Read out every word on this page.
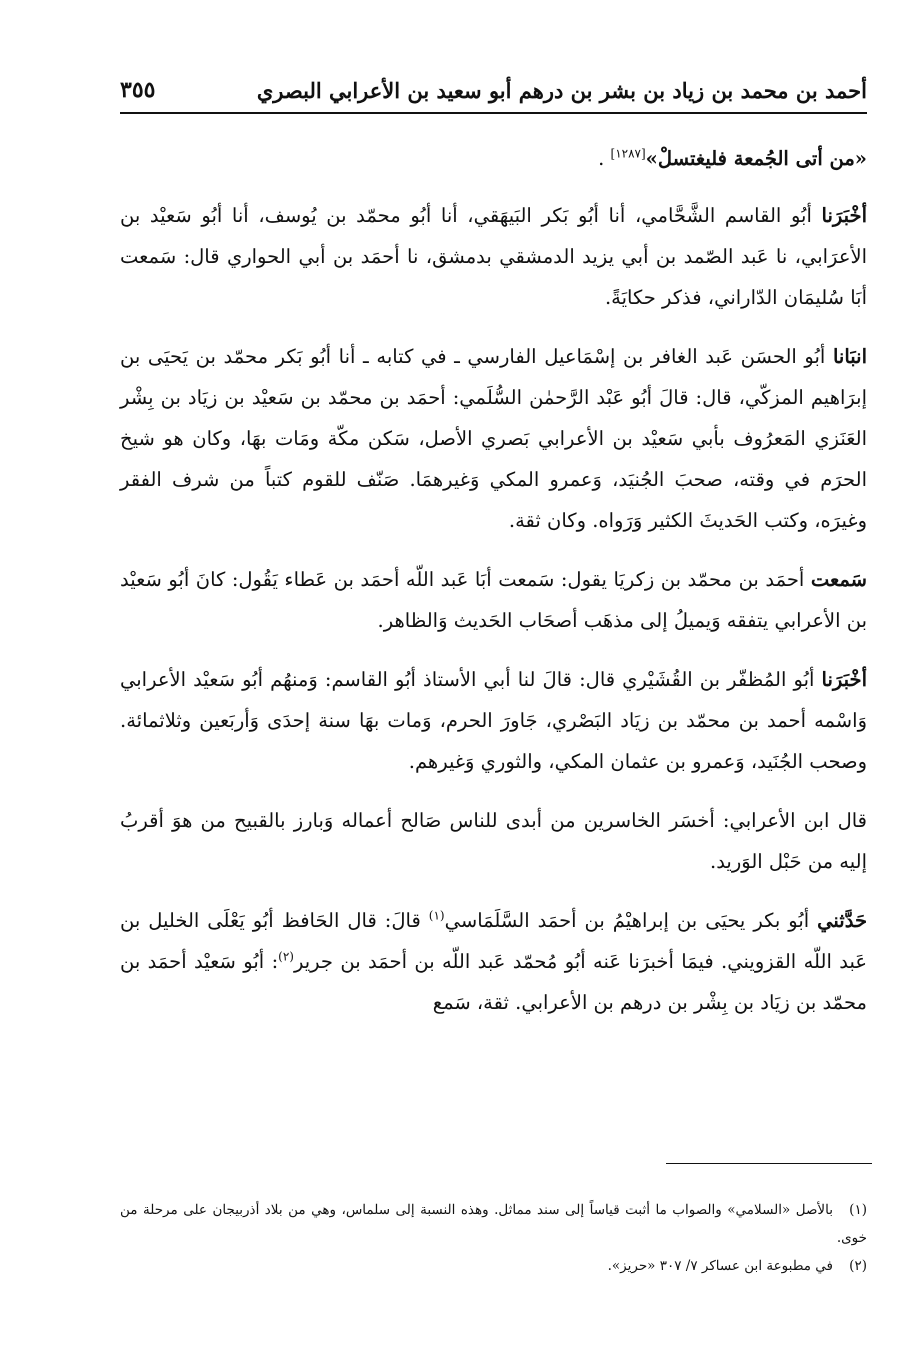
أحمد بن محمد بن زياد بن بشر بن درهم أبو سعيد بن الأعرابي البصري
٣٥٥

«من أتى الجُمعة فليغتسلْ»[١٢٨٧] .

أخْبَرَنا أبُو القاسم الشَّحَّامي، أنا أبُو بَكر البَيهَقي، أنا أبُو محمّد بن يُوسف، أنا أبُو سَعيْد بن الأعرَابي، نا عَبد الصّمد بن أبي يزيد الدمشقي بدمشق، نا أحمَد بن أبي الحواري قال: سَمعت أبَا سُليمَان الدّاراني، فذكر حكايَةً.

انبَانا أبُو الحسَن عَبد الغافر بن إسْمَاعيل الفارسي ـ في كتابه ـ أنا أبُو بَكر محمّد بن يَحيَى بن إبرَاهيم المزكّي، قال: قالَ أبُو عَبْد الرَّحمٰن السُّلَمي: أحمَد بن محمّد بن سَعيْد بن زيَاد بن بِشْر العَنَزي المَعرُوف بأبي سَعيْد بن الأعرابي بَصري الأصل، سَكن مكّة ومَات بهَا، وكان هو شيخ الحرَم في وقته، صحبَ الجُنيَد، وَعمرو المكي وَغيرهمَا. صَنّف للقوم كتباً من شرف الفقر وغيرَه، وكتب الحَديثَ الكثير وَرَواه. وكان ثقة.

سَمعت أحمَد بن محمّد بن زكريَا يقول: سَمعت أبَا عَبد اللّه أحمَد بن عَطاء يَقُول: كانَ أبُو سَعيْد بن الأعرابي يتفقه وَيميلُ إلى مذهَب أصحَاب الحَديث وَالظاهر.

أخْبَرَنا أبُو المُظفّر بن القُشَيْري قال: قالَ لنا أبي الأستاذ أبُو القاسم: وَمنهُم أبُو سَعيْد الأعرابي وَاسْمه أحمد بن محمّد بن زيَاد البَصْري، جَاورَ الحرم، وَمات بهَا سنة إحدَى وَأربَعين وثلاثمائة. وصحب الجُنَيد، وَعمرو بن عثمان المكي، والثوري وَغيرهم.

قال ابن الأعرابي: أخسَر الخاسرين من أبدى للناس صَالح أعماله وَبارز بالقبيح من هوَ أقربُ إليه من حَبْل الوَريد.

حَدَّثني أبُو بكر يحيَى بن إبراهيْمُ بن أحمَد السَّلَمَاسي$^{(١)}$ قالَ: قال الحَافظ أبُو يَعْلَى الخليل بن عَبد اللّه القزويني. فيمَا أخبرَنا عَنه أبُو مُحمّد عَبد اللّه بن أحمَد بن جرير$^{(٢)}$: أبُو سَعيْد أحمَد بن محمّد بن زيَاد بن بِشْر بن درهم بن الأعرابي. ثقة، سَمع

(١)بالأصل «السلامي» والصواب ما أثبت قياساً إلى سند مماثل. وهذه النسبة إلى سلماس، وهي من بلاد أذربيجان على مرحلة من خوى.

(٢)في مطبوعة ابن عساكر ٧/ ٣٠٧ «حريز».
